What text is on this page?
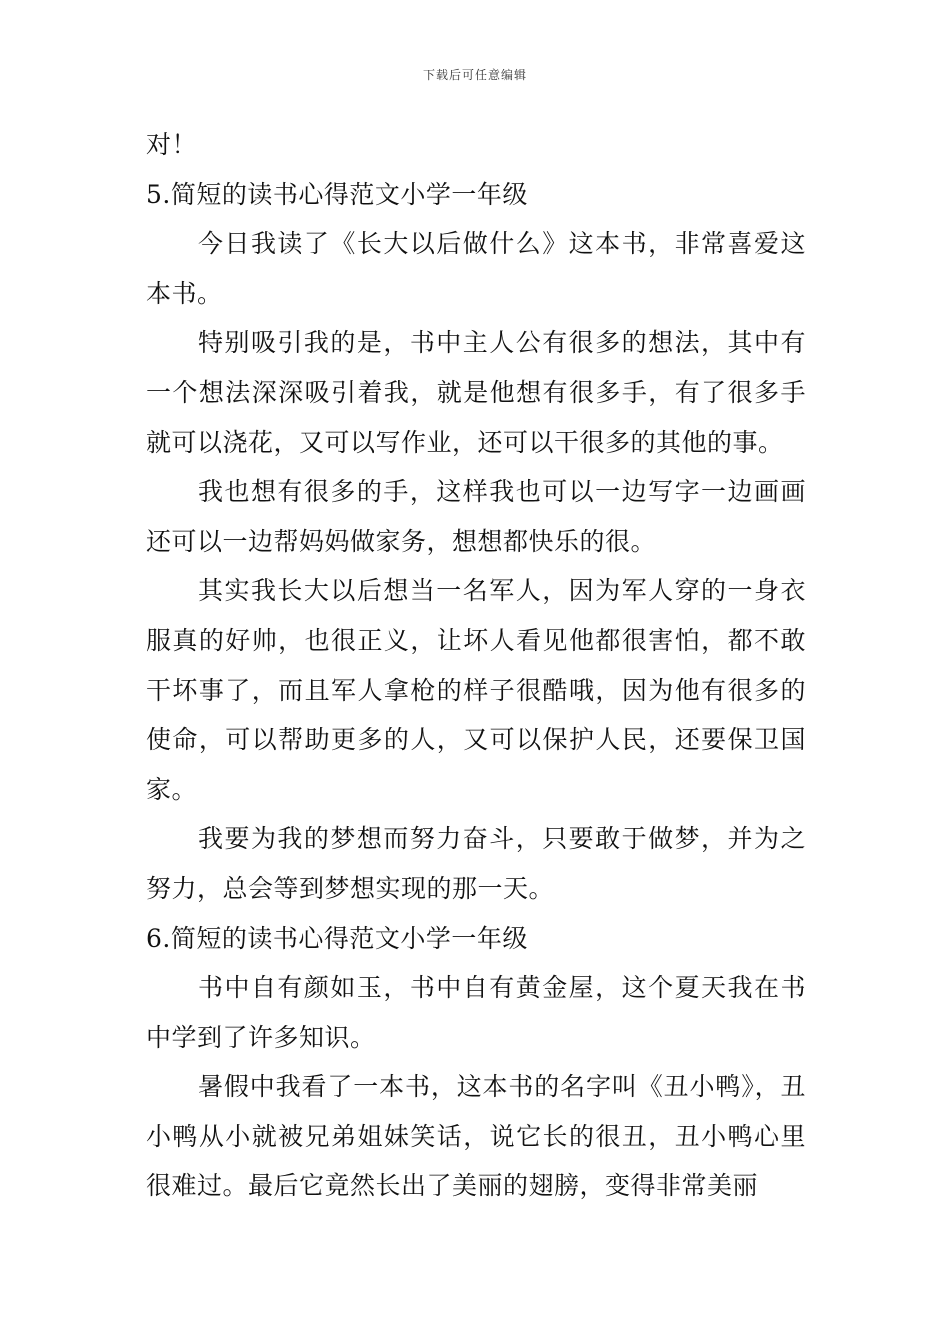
下载后可任意编辑

对！

5.简短的读书心得范文小学一年级

今日我读了《长大以后做什么》这本书，非常喜爱这本书。

特别吸引我的是，书中主人公有很多的想法，其中有一个想法深深吸引着我，就是他想有很多手，有了很多手就可以浇花，又可以写作业，还可以干很多的其他的事。

我也想有很多的手，这样我也可以一边写字一边画画还可以一边帮妈妈做家务，想想都快乐的很。

其实我长大以后想当一名军人，因为军人穿的一身衣服真的好帅，也很正义，让坏人看见他都很害怕，都不敢干坏事了，而且军人拿枪的样子很酷哦，因为他有很多的使命，可以帮助更多的人，又可以保护人民，还要保卫国家。

我要为我的梦想而努力奋斗，只要敢于做梦，并为之努力，总会等到梦想实现的那一天。

6.简短的读书心得范文小学一年级

书中自有颜如玉，书中自有黄金屋，这个夏天我在书中学到了许多知识。

暑假中我看了一本书，这本书的名字叫《丑小鸭》，丑小鸭从小就被兄弟姐妹笑话，说它长的很丑，丑小鸭心里很难过。最后它竟然长出了美丽的翅膀，变得非常美丽
